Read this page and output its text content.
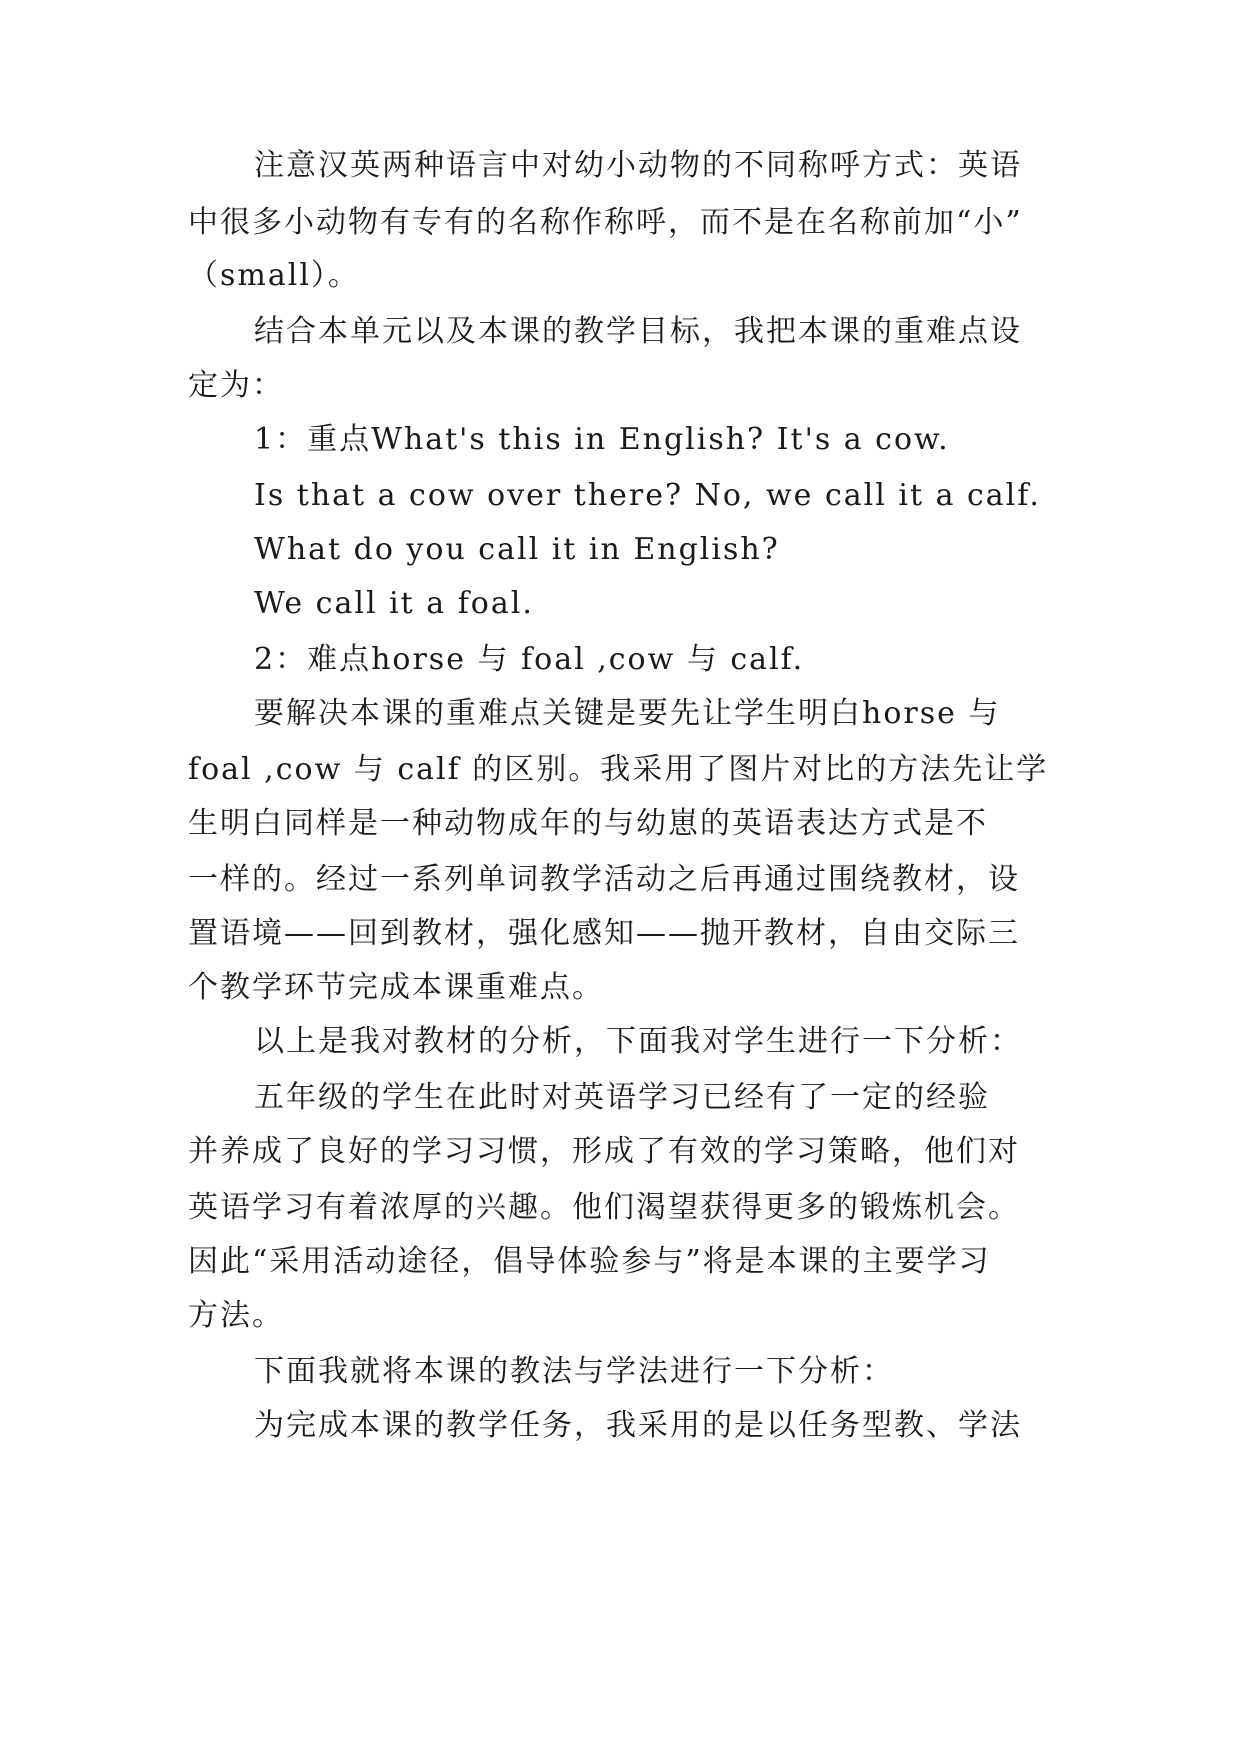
注意汉英两种语言中对幼小动物的不同称呼方式：英语

中很多小动物有专有的名称作称呼，而不是在名称前加“小”

（small）。

结合本单元以及本课的教学目标，我把本课的重难点设

定为：

1：重点What's this in English? It's a cow.

Is that a cow over there? No, we call it a calf.

What do you call it in English?

We call it a foal.

2：难点horse 与 foal ,cow 与 calf.

要解决本课的重难点关键是要先让学生明白horse 与

foal ,cow 与 calf 的区别。我采用了图片对比的方法先让学

生明白同样是一种动物成年的与幼崽的英语表达方式是不

一样的。经过一系列单词教学活动之后再通过围绕教材，设

置语境——回到教材，强化感知——抛开教材，自由交际三

个教学环节完成本课重难点。

以上是我对教材的分析，下面我对学生进行一下分析：

五年级的学生在此时对英语学习已经有了一定的经验

并养成了良好的学习习惯，形成了有效的学习策略，他们对

英语学习有着浓厚的兴趣。他们渴望获得更多的锻炼机会。

因此“采用活动途径，倡导体验参与”将是本课的主要学习

方法。

下面我就将本课的教法与学法进行一下分析：

为完成本课的教学任务，我采用的是以任务型教、学法
